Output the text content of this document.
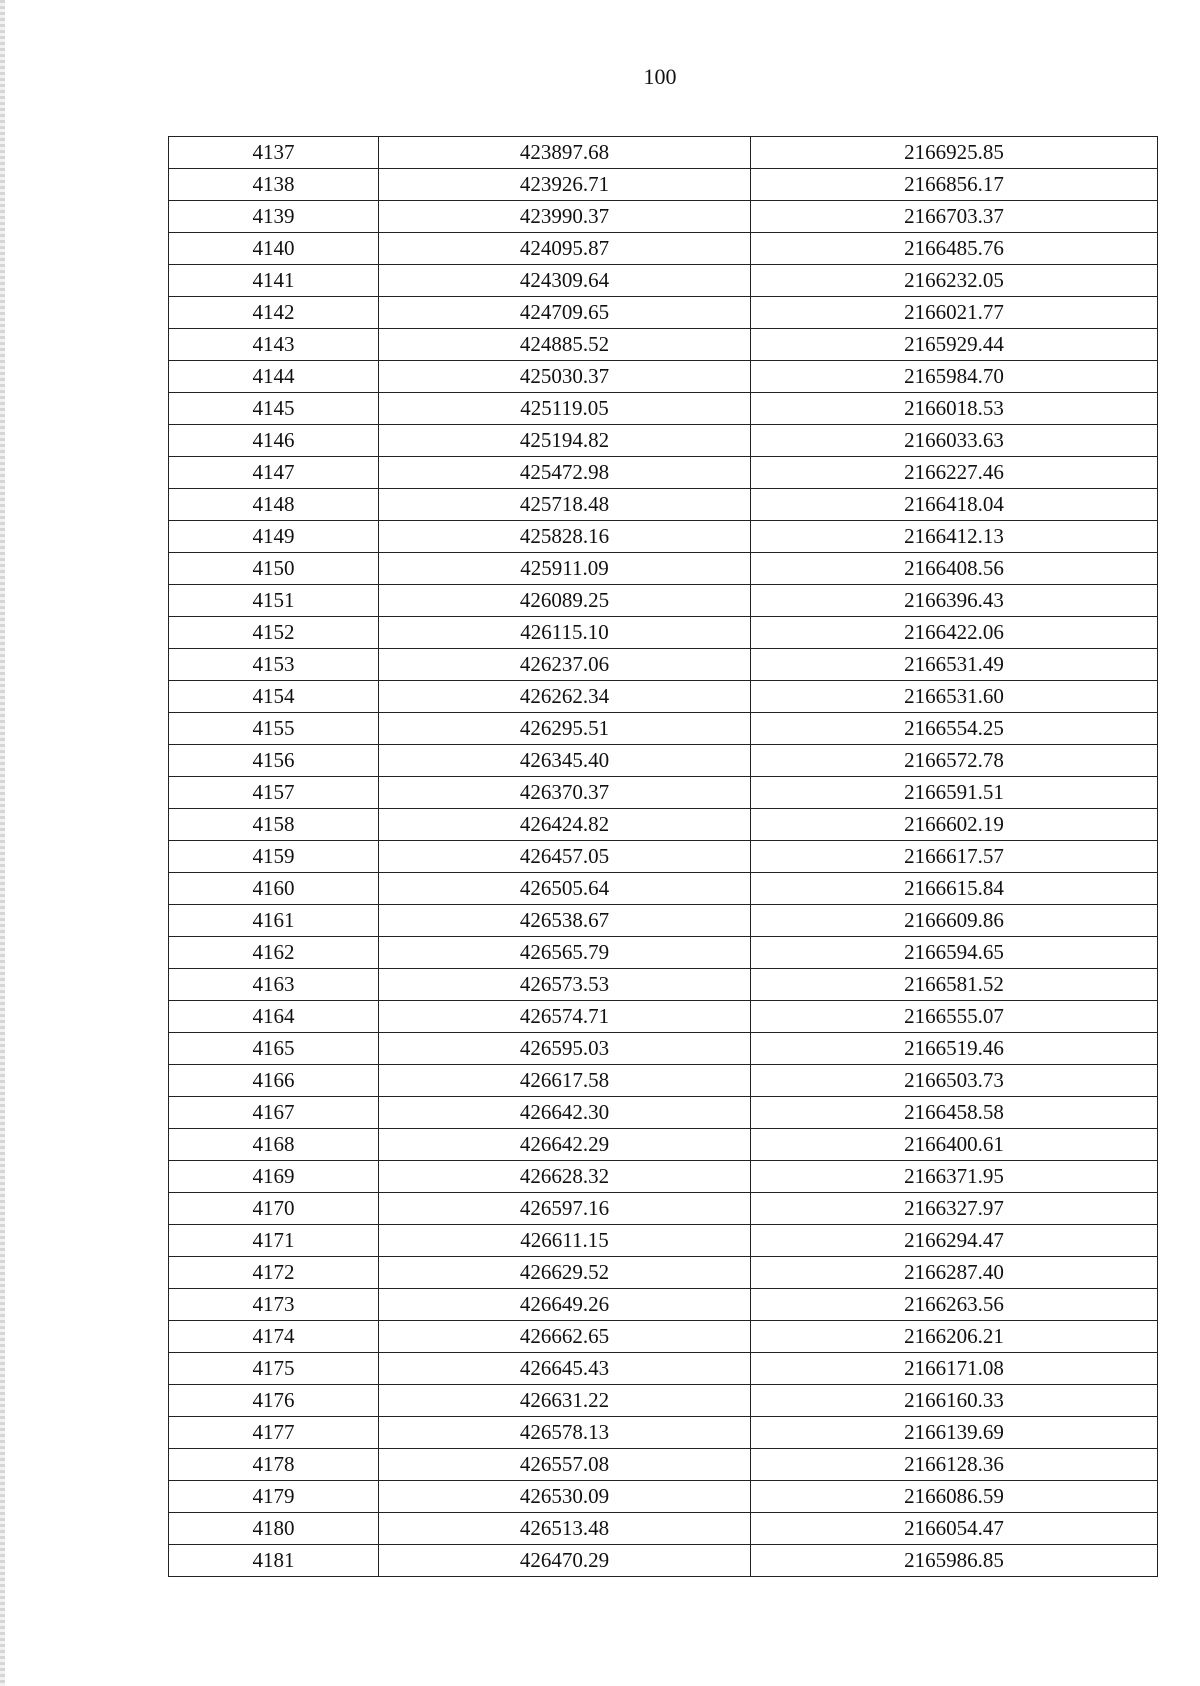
100
4137	423897.68	2166925.85
4138	423926.71	2166856.17
4139	423990.37	2166703.37
4140	424095.87	2166485.76
4141	424309.64	2166232.05
4142	424709.65	2166021.77
4143	424885.52	2165929.44
4144	425030.37	2165984.70
4145	425119.05	2166018.53
4146	425194.82	2166033.63
4147	425472.98	2166227.46
4148	425718.48	2166418.04
4149	425828.16	2166412.13
4150	425911.09	2166408.56
4151	426089.25	2166396.43
4152	426115.10	2166422.06
4153	426237.06	2166531.49
4154	426262.34	2166531.60
4155	426295.51	2166554.25
4156	426345.40	2166572.78
4157	426370.37	2166591.51
4158	426424.82	2166602.19
4159	426457.05	2166617.57
4160	426505.64	2166615.84
4161	426538.67	2166609.86
4162	426565.79	2166594.65
4163	426573.53	2166581.52
4164	426574.71	2166555.07
4165	426595.03	2166519.46
4166	426617.58	2166503.73
4167	426642.30	2166458.58
4168	426642.29	2166400.61
4169	426628.32	2166371.95
4170	426597.16	2166327.97
4171	426611.15	2166294.47
4172	426629.52	2166287.40
4173	426649.26	2166263.56
4174	426662.65	2166206.21
4175	426645.43	2166171.08
4176	426631.22	2166160.33
4177	426578.13	2166139.69
4178	426557.08	2166128.36
4179	426530.09	2166086.59
4180	426513.48	2166054.47
4181	426470.29	2165986.85
